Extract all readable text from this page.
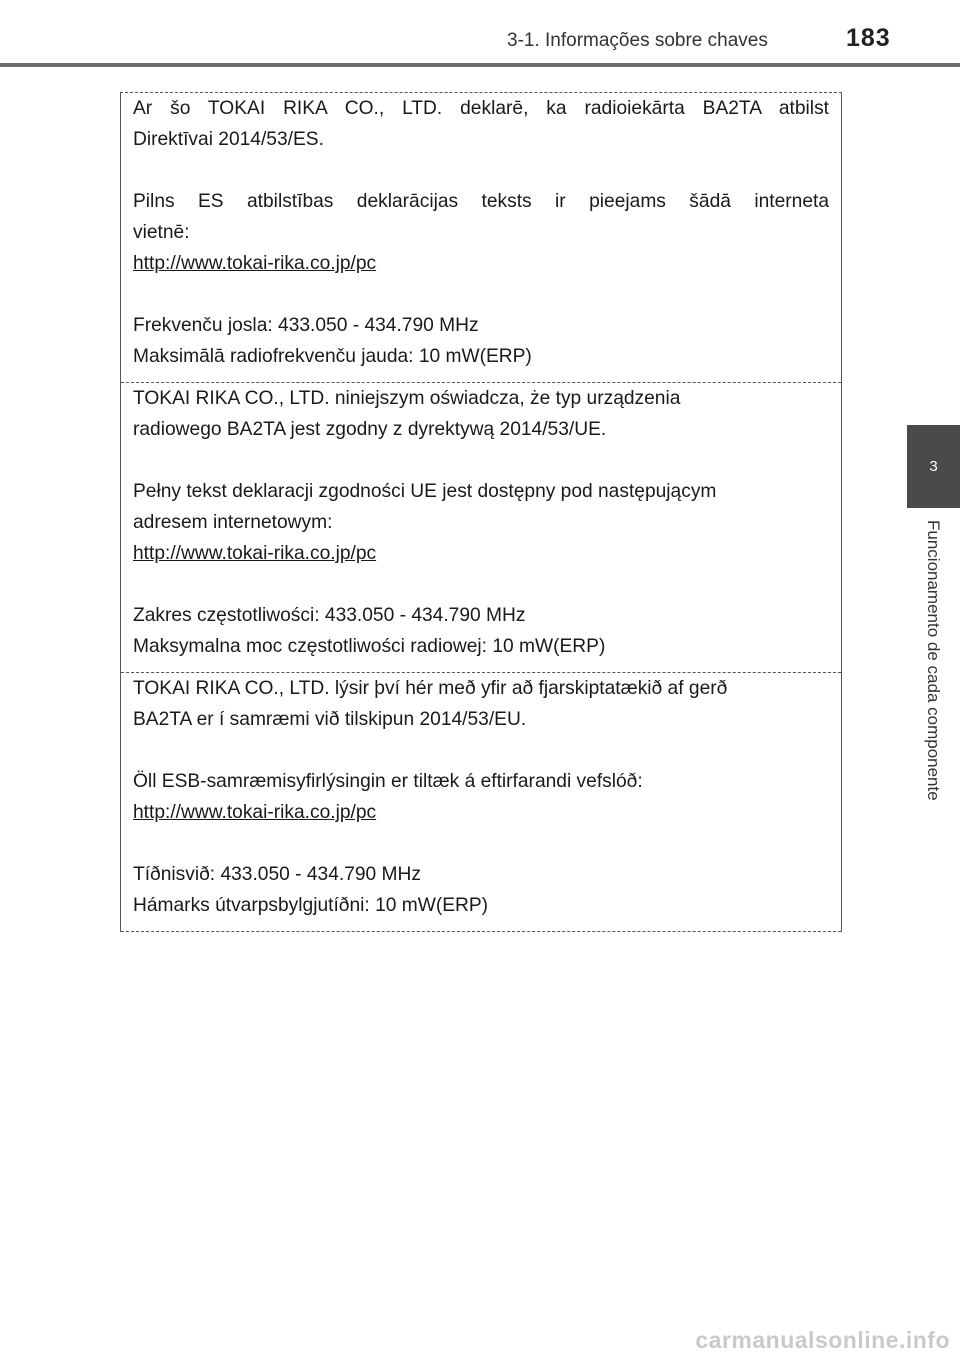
3-1. Informações sobre chaves	183
3
Funcionamento de cada componente

Ar šo TOKAI RIKA CO., LTD. deklarē, ka radioiekārta BA2TA atbilst
Direktīvai 2014/53/ES.

Pilns ES atbilstības deklarācijas teksts ir pieejams šādā interneta
vietnē:
http://www.tokai-rika.co.jp/pc

Frekvenču josla: 433.050 - 434.790 MHz
Maksimālā radiofrekvenču jauda: 10 mW(ERP)

TOKAI RIKA CO., LTD. niniejszym oświadcza, że typ urządzenia
radiowego BA2TA jest zgodny z dyrektywą 2014/53/UE.

Pełny tekst deklaracji zgodności UE jest dostępny pod następującym
adresem internetowym:
http://www.tokai-rika.co.jp/pc

Zakres częstotliwości: 433.050 - 434.790 MHz
Maksymalna moc częstotliwości radiowej: 10 mW(ERP)

TOKAI RIKA CO., LTD. lýsir því hér með yfir að fjarskiptatækið af gerð
BA2TA er í samræmi við tilskipun 2014/53/EU.

Öll ESB-samræmisyfirlýsingin er tiltæk á eftirfarandi vefslóð:
http://www.tokai-rika.co.jp/pc

Tíðnisvið: 433.050 - 434.790 MHz
Hámarks útvarpsbylgjutíðni: 10 mW(ERP)

carmanualsonline.info
